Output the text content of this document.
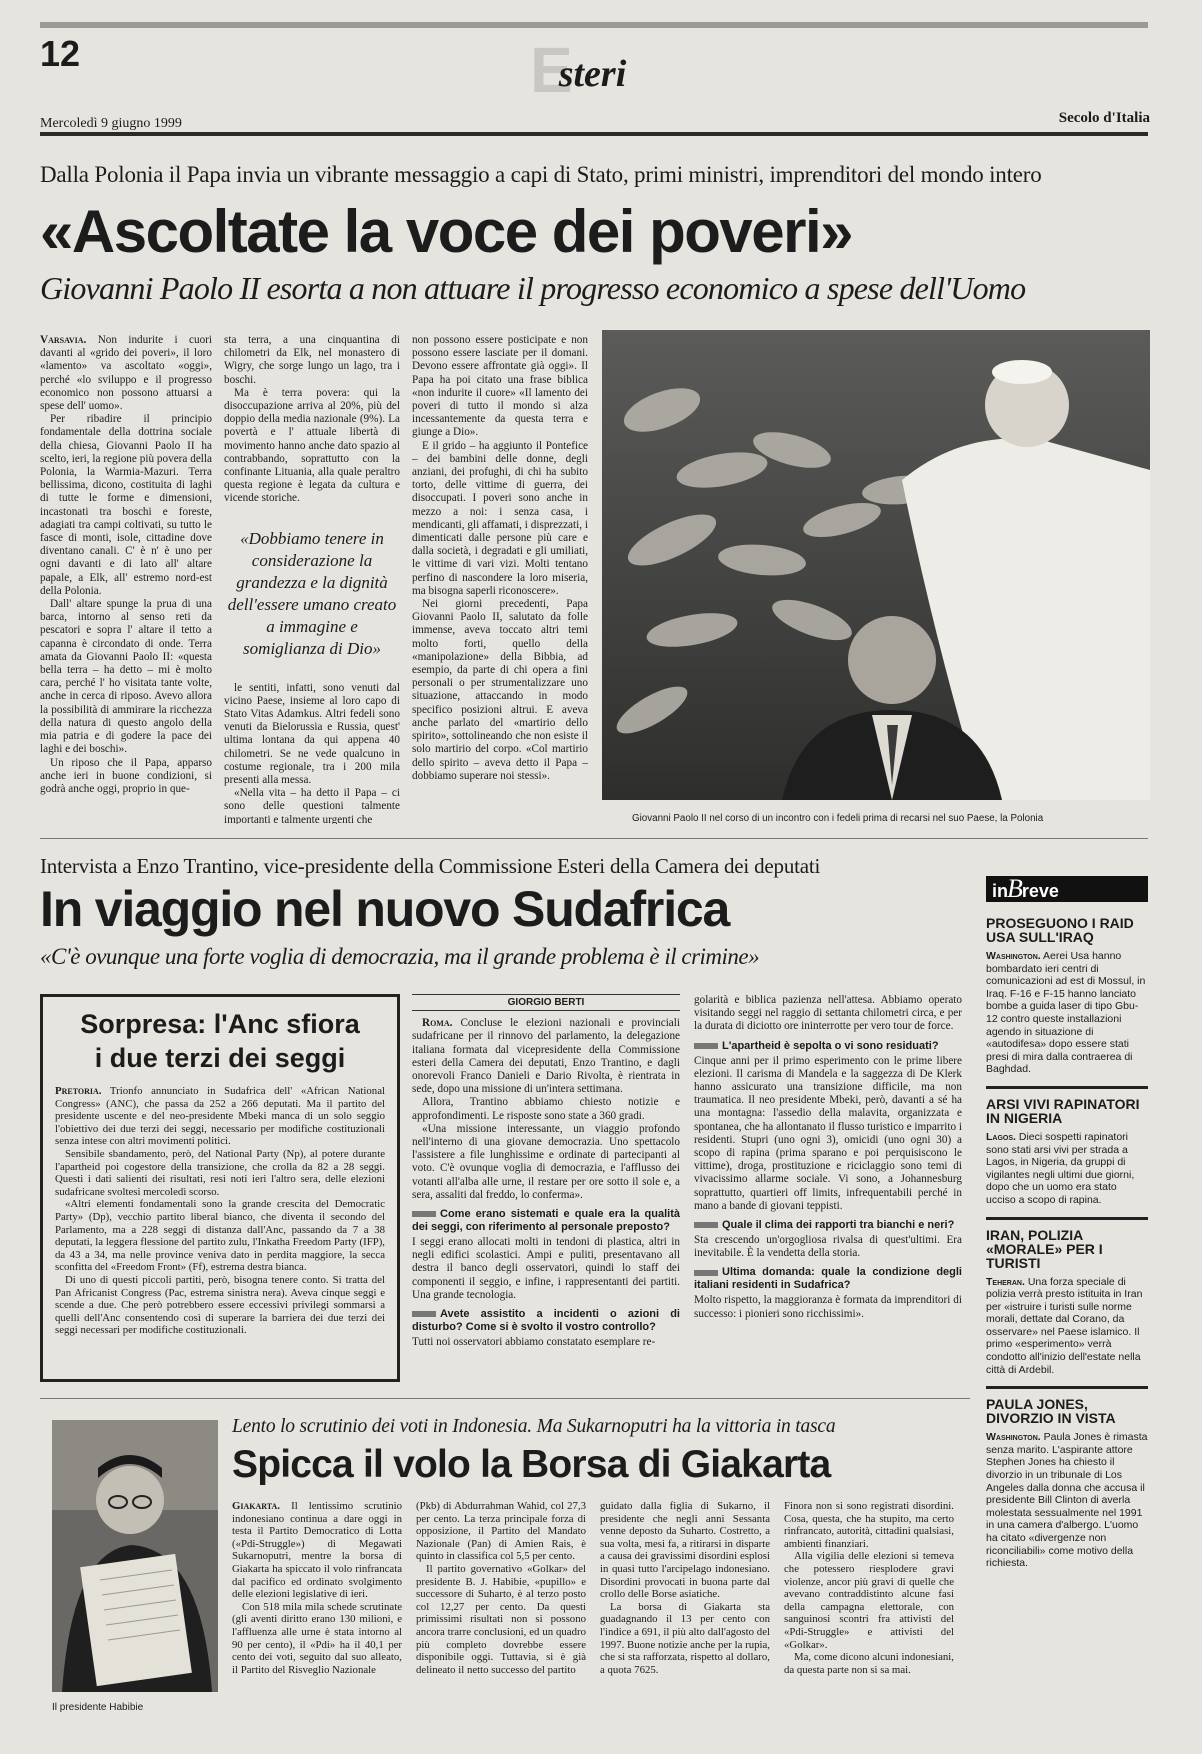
12	Esteri
Mercoledì 9 giugno 1999	Secolo d'Italia
Dalla Polonia il Papa invia un vibrante messaggio a capi di Stato, primi ministri, imprenditori del mondo intero
«Ascoltate la voce dei poveri»
Giovanni Paolo II esorta a non attuare il progresso economico a spese dell'Uomo

Varsavia. Non indurite i cuori davanti al «grido dei poveri», il loro «lamento» va ascoltato «oggi», perché «lo sviluppo e il progresso economico non possono attuarsi a spese dell' uomo».

Per ribadire il principio fondamentale della dottrina sociale della chiesa, Giovanni Paolo II ha scelto, ieri, la regione più povera della Polonia, la Warmia-Mazuri. Terra bellissima, dicono, costituita di laghi di tutte le forme e dimensioni, incastonati tra boschi e foreste, adagiati tra campi coltivati, su tutto le fasce di monti, isole, cittadine dove diventano canali. C' è n' è uno per ogni davanti e di lato all' altare papale, a Elk, all' estremo nord-est della Polonia.

Dall' altare spunge la prua di una barca, intorno al senso reti da pescatori e sopra l' altare il tetto a capanna è circondato di onde. Terra amata da Giovanni Paolo II: «questa bella terra – ha detto – mi è molto cara, perché l' ho visitata tante volte, anche in cerca di riposo. Avevo allora la possibilità di ammirare la ricchezza della natura di questo angolo della mia patria e di godere la pace dei laghi e dei boschi».

Un riposo che il Papa, apparso anche ieri in buone condizioni, si godrà anche oggi, proprio in que-

sta terra, a una cinquantina di chilometri da Elk, nel monastero di Wigry, che sorge lungo un lago, tra i boschi.

Ma è terra povera: qui la disoccupazione arriva al 20%, più del doppio della media nazionale (9%). La povertà e l' attuale libertà di movimento hanno anche dato spazio al contrabbando, soprattutto con la confinante Lituania, alla quale peraltro questa regione è legata da cultura e vicende storiche.

«Dobbiamo tenere in considerazione la grandezza e la dignità dell'essere umano creato a immagine e somiglianza di Dio»

le sentiti, infatti, sono venuti dal vicino Paese, insieme al loro capo di Stato Vitas Adamkus. Altri fedeli sono venuti da Bielorussia e Russia, quest' ultima lontana da qui appena 40 chilometri. Se ne vede qualcuno in costume regionale, tra i 200 mila presenti alla messa.

«Nella vita – ha detto il Papa – ci sono delle questioni talmente importanti e talmente urgenti che

non possono essere posticipate e non possono essere lasciate per il domani. Devono essere affrontate già oggi». Il Papa ha poi citato una frase biblica «non indurite il cuore» «Il lamento dei poveri di tutto il mondo si alza incessantemente da questa terra e giunge a Dio».

E il grido – ha aggiunto il Pontefice – dei bambini delle donne, degli anziani, dei profughi, di chi ha subito torto, delle vittime di guerra, dei disoccupati. I poveri sono anche in mezzo a noi: i senza casa, i mendicanti, gli affamati, i disprezzati, i dimenticati dalle persone più care e dalla società, i degradati e gli umiliati, le vittime di vari vizi. Molti tentano perfino di nascondere la loro miseria, ma bisogna saperli riconoscere».

Nei giorni precedenti, Papa Giovanni Paolo II, salutato da folle immense, aveva toccato altri temi molto forti, quello della «manipolazione» della Bibbia, ad esempio, da parte di chi opera a fini personali o per strumentalizzare uno situazione, attaccando in modo specifico posizioni altrui. E aveva anche parlato del «martirio dello spirito», sottolineando che non esiste il solo martirio del corpo. «Col martirio dello spirito – aveva detto il Papa – dobbiamo superare noi stessi».

Giovanni Paolo II nel corso di un incontro con i fedeli prima di recarsi nel suo Paese, la Polonia
Intervista a Enzo Trantino, vice-presidente della Commissione Esteri della Camera dei deputati
In viaggio nel nuovo Sudafrica
«C'è ovunque una forte voglia di democrazia, ma il grande problema è il crimine»
Sorpresa: l'Anc sfiora
i due terzi dei seggi

Pretoria. Trionfo annunciato in Sudafrica dell' «African National Congress» (ANC), che passa da 252 a 266 deputati. Ma il partito del presidente uscente e del neo-presidente Mbeki manca di un solo seggio l'obiettivo dei due terzi dei seggi, necessario per modifiche costituzionali senza intese con altri movimenti politici.

Sensibile sbandamento, però, del National Party (Np), al potere durante l'apartheid poi cogestore della transizione, che crolla da 82 a 28 seggi. Questi i dati salienti dei risultati, resi noti ieri l'altro sera, delle elezioni sudafricane svoltesi mercoledì scorso.

«Altri elementi fondamentali sono la grande crescita del Democratic Party» (Dp), vecchio partito liberal bianco, che diventa il secondo del Parlamento, ma a 228 seggi di distanza dall'Anc, passando da 7 a 38 deputati, la leggera flessione del partito zulu, l'Inkatha Freedom Party (IFP), da 43 a 34, ma nelle province veniva dato in perdita maggiore, la secca sconfitta del «Freedom Front» (Ff), estrema destra bianca.

Di uno di questi piccoli partiti, però, bisogna tenere conto. Si tratta del Pan Africanist Congress (Pac, estrema sinistra nera). Aveva cinque seggi e scende a due. Che però potrebbero essere eccessivi privilegi sommarsi a quelli dell'Anc consentendo così di superare la barriera dei due terzi dei seggi necessari per modifiche costituzionali.

GIORGIO BERTI

Roma. Concluse le elezioni nazionali e provinciali sudafricane per il rinnovo del parlamento, la delegazione italiana formata dal vicepresidente della Commissione esteri della Camera dei deputati, Enzo Trantino, e dagli onorevoli Franco Danieli e Dario Rivolta, è rientrata in sede, dopo una missione di un'intera settimana.

Allora, Trantino abbiamo chiesto notizie e approfondimenti. Le risposte sono state a 360 gradi.

«Una missione interessante, un viaggio profondo nell'interno di una giovane democrazia. Uno spettacolo l'assistere a file lunghissime e ordinate di partecipanti al voto. C'è ovunque voglia di democrazia, e l'afflusso dei votanti all'alba alle urne, il restare per ore sotto il sole e, a sera, assaliti dal freddo, lo conferma».

Come erano sistemati e quale era la qualità dei seggi, con riferimento al personale preposto?

I seggi erano allocati molti in tendoni di plastica, altri in negli edifici scolastici. Ampi e puliti, presentavano all destra il banco degli osservatori, quindi lo staff dei componenti il seggio, e infine, i rappresentanti dei partiti. Una grande tecnologia.

Avete assistito a incidenti o azioni di disturbo? Come si è svolto il vostro controllo?

Tutti noi osservatori abbiamo constatato esemplare re-

golarità e biblica pazienza nell'attesa. Abbiamo operato visitando seggi nel raggio di settanta chilometri circa, e per la durata di diciotto ore ininterrotte per vero tour de force.

L'apartheid è sepolta o vi sono residuati?

Cinque anni per il primo esperimento con le prime libere elezioni. Il carisma di Mandela e la saggezza di De Klerk hanno assicurato una transizione difficile, ma non traumatica. Il neo presidente Mbeki, però, davanti a sé ha una montagna: l'assedio della malavita, organizzata e spontanea, che ha allontanato il flusso turistico e imparrito i residenti. Stupri (uno ogni 3), omicidi (uno ogni 30) a scopo di rapina (prima sparano e poi perquisiscono le vittime), droga, prostituzione e riciclaggio sono temi di vivacissimo allarme sociale. Vi sono, a Johannesburg soprattutto, quartieri off limits, infrequentabili perché in mano a bande di giovani teppisti.

Quale il clima dei rapporti tra bianchi e neri?

Sta crescendo un'orgogliosa rivalsa di quest'ultimi. Era inevitabile. È la vendetta della storia.

Ultima domanda: quale la condizione degli italiani residenti in Sudafrica?

Molto rispetto, la maggioranza è formata da imprenditori di successo: i pionieri sono ricchissimi».

Il presidente Habibie
Lento lo scrutinio dei voti in Indonesia. Ma Sukarnoputri ha la vittoria in tasca
Spicca il volo la Borsa di Giakarta

Giakarta. Il lentissimo scrutinio indonesiano continua a dare oggi in testa il Partito Democratico di Lotta («Pdi-Struggle») di Megawati Sukarnoputri, mentre la borsa di Giakarta ha spiccato il volo rinfrancata dal pacifico ed ordinato svolgimento delle elezioni legislative di ieri.

Con 518 mila mila schede scrutinate (gli aventi diritto erano 130 milioni, e l'affluenza alle urne è stata intorno al 90 per cento), il «Pdi» ha il 40,1 per cento dei voti, seguito dal suo alleato, il Partito del Risveglio Nazionale

(Pkb) di Abdurrahman Wahid, col 27,3 per cento. La terza principale forza di opposizione, il Partito del Mandato Nazionale (Pan) di Amien Rais, è quinto in classifica col 5,5 per cento.

Il partito governativo «Golkar» del presidente B. J. Habibie, «pupillo» e successore di Suharto, è al terzo posto col 12,27 per cento. Da questi primissimi risultati non si possono ancora trarre conclusioni, ed un quadro più completo dovrebbe essere disponibile oggi. Tuttavia, si è già delineato il netto successo del partito

guidato dalla figlia di Sukarno, il presidente che negli anni Sessanta venne deposto da Suharto. Costretto, a sua volta, mesi fa, a ritirarsi in disparte a causa dei gravissimi disordini esplosi in quasi tutto l'arcipelago indonesiano. Disordini provocati in buona parte dal crollo delle Borse asiatiche.

La borsa di Giakarta sta guadagnando il 13 per cento con l'indice a 691, il più alto dall'agosto del 1997. Buone notizie anche per la rupia, che si sta rafforzata, rispetto al dollaro, a quota 7625.

Finora non si sono registrati disordini. Cosa, questa, che ha stupito, ma certo rinfrancato, autorità, cittadini qualsiasi, ambienti finanziari.

Alla vigilia delle elezioni si temeva che potessero riesplodere gravi violenze, ancor più gravi di quelle che avevano contraddistinto alcune fasi della campagna elettorale, con sanguinosi scontri fra attivisti del «Pdi-Struggle» e attivisti del «Golkar».

Ma, come dicono alcuni indonesiani, da questa parte non si sa mai.

inBreve
PROSEGUONO I RAID USA SULL'IRAQ

Washington. Aerei Usa hanno bombardato ieri centri di comunicazioni ad est di Mossul, in Iraq. F-16 e F-15 hanno lanciato bombe a guida laser di tipo Gbu-12 contro queste installazioni agendo in situazione di «autodifesa» dopo essere stati presi di mira dalla contraerea di Baghdad.

ARSI VIVI RAPINATORI IN NIGERIA

Lagos. Dieci sospetti rapinatori sono stati arsi vivi per strada a Lagos, in Nigeria, da gruppi di vigilantes negli ultimi due giorni, dopo che un uomo era stato ucciso a scopo di rapina.

IRAN, POLIZIA «MORALE» PER I TURISTI

Teheran. Una forza speciale di polizia verrà presto istituita in Iran per «istruire i turisti sulle norme morali, dettate dal Corano, da osservare» nel Paese islamico. Il primo «esperimento» verrà condotto all'inizio dell'estate nella città di Ardebil.

PAULA JONES, DIVORZIO IN VISTA

Washington. Paula Jones è rimasta senza marito. L'aspirante attore Stephen Jones ha chiesto il divorzio in un tribunale di Los Angeles dalla donna che accusa il presidente Bill Clinton di averla molestata sessualmente nel 1991 in una camera d'albergo. L'uomo ha citato «divergenze non riconciliabili» come motivo della richiesta.
